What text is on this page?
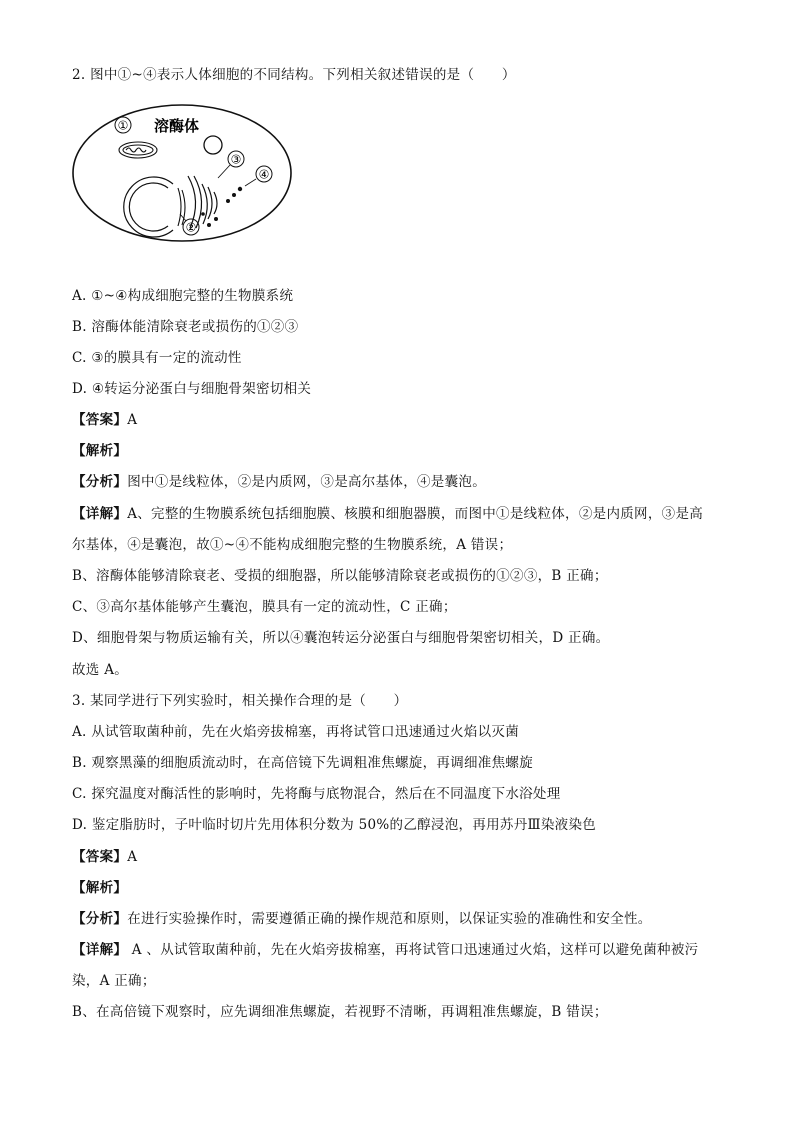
2. 图中①~④表示人体细胞的不同结构。下列相关叙述错误的是（　　）
① 溶酶体
③
④
②
A. ①~④构成细胞完整的生物膜系统
B. 溶酶体能清除衰老或损伤的①②③
C. ③的膜具有一定的流动性
D. ④转运分泌蛋白与细胞骨架密切相关
【答案】A
【解析】
【分析】图中①是线粒体，②是内质网，③是高尔基体，④是囊泡。
【详解】A、完整的生物膜系统包括细胞膜、核膜和细胞器膜，而图中①是线粒体，②是内质网，③是高
尔基体，④是囊泡，故①~④不能构成细胞完整的生物膜系统，A 错误；
B、溶酶体能够清除衰老、受损的细胞器，所以能够清除衰老或损伤的①②③，B 正确；
C、③高尔基体能够产生囊泡，膜具有一定的流动性，C 正确；
D、细胞骨架与物质运输有关，所以④囊泡转运分泌蛋白与细胞骨架密切相关，D 正确。
故选 A。
3. 某同学进行下列实验时，相关操作合理的是（　　）
A. 从试管取菌种前，先在火焰旁拔棉塞，再将试管口迅速通过火焰以灭菌
B. 观察黑藻的细胞质流动时，在高倍镜下先调粗准焦螺旋，再调细准焦螺旋
C. 探究温度对酶活性的影响时，先将酶与底物混合，然后在不同温度下水浴处理
D. 鉴定脂肪时，子叶临时切片先用体积分数为 50%的乙醇浸泡，再用苏丹Ⅲ染液染色
【答案】A
【解析】
【分析】在进行实验操作时，需要遵循正确的操作规范和原则，以保证实验的准确性和安全性。
【详解】 A 、从试管取菌种前，先在火焰旁拔棉塞，再将试管口迅速通过火焰，这样可以避免菌种被污
染，A 正确；
B、在高倍镜下观察时，应先调细准焦螺旋，若视野不清晰，再调粗准焦螺旋，B 错误；
